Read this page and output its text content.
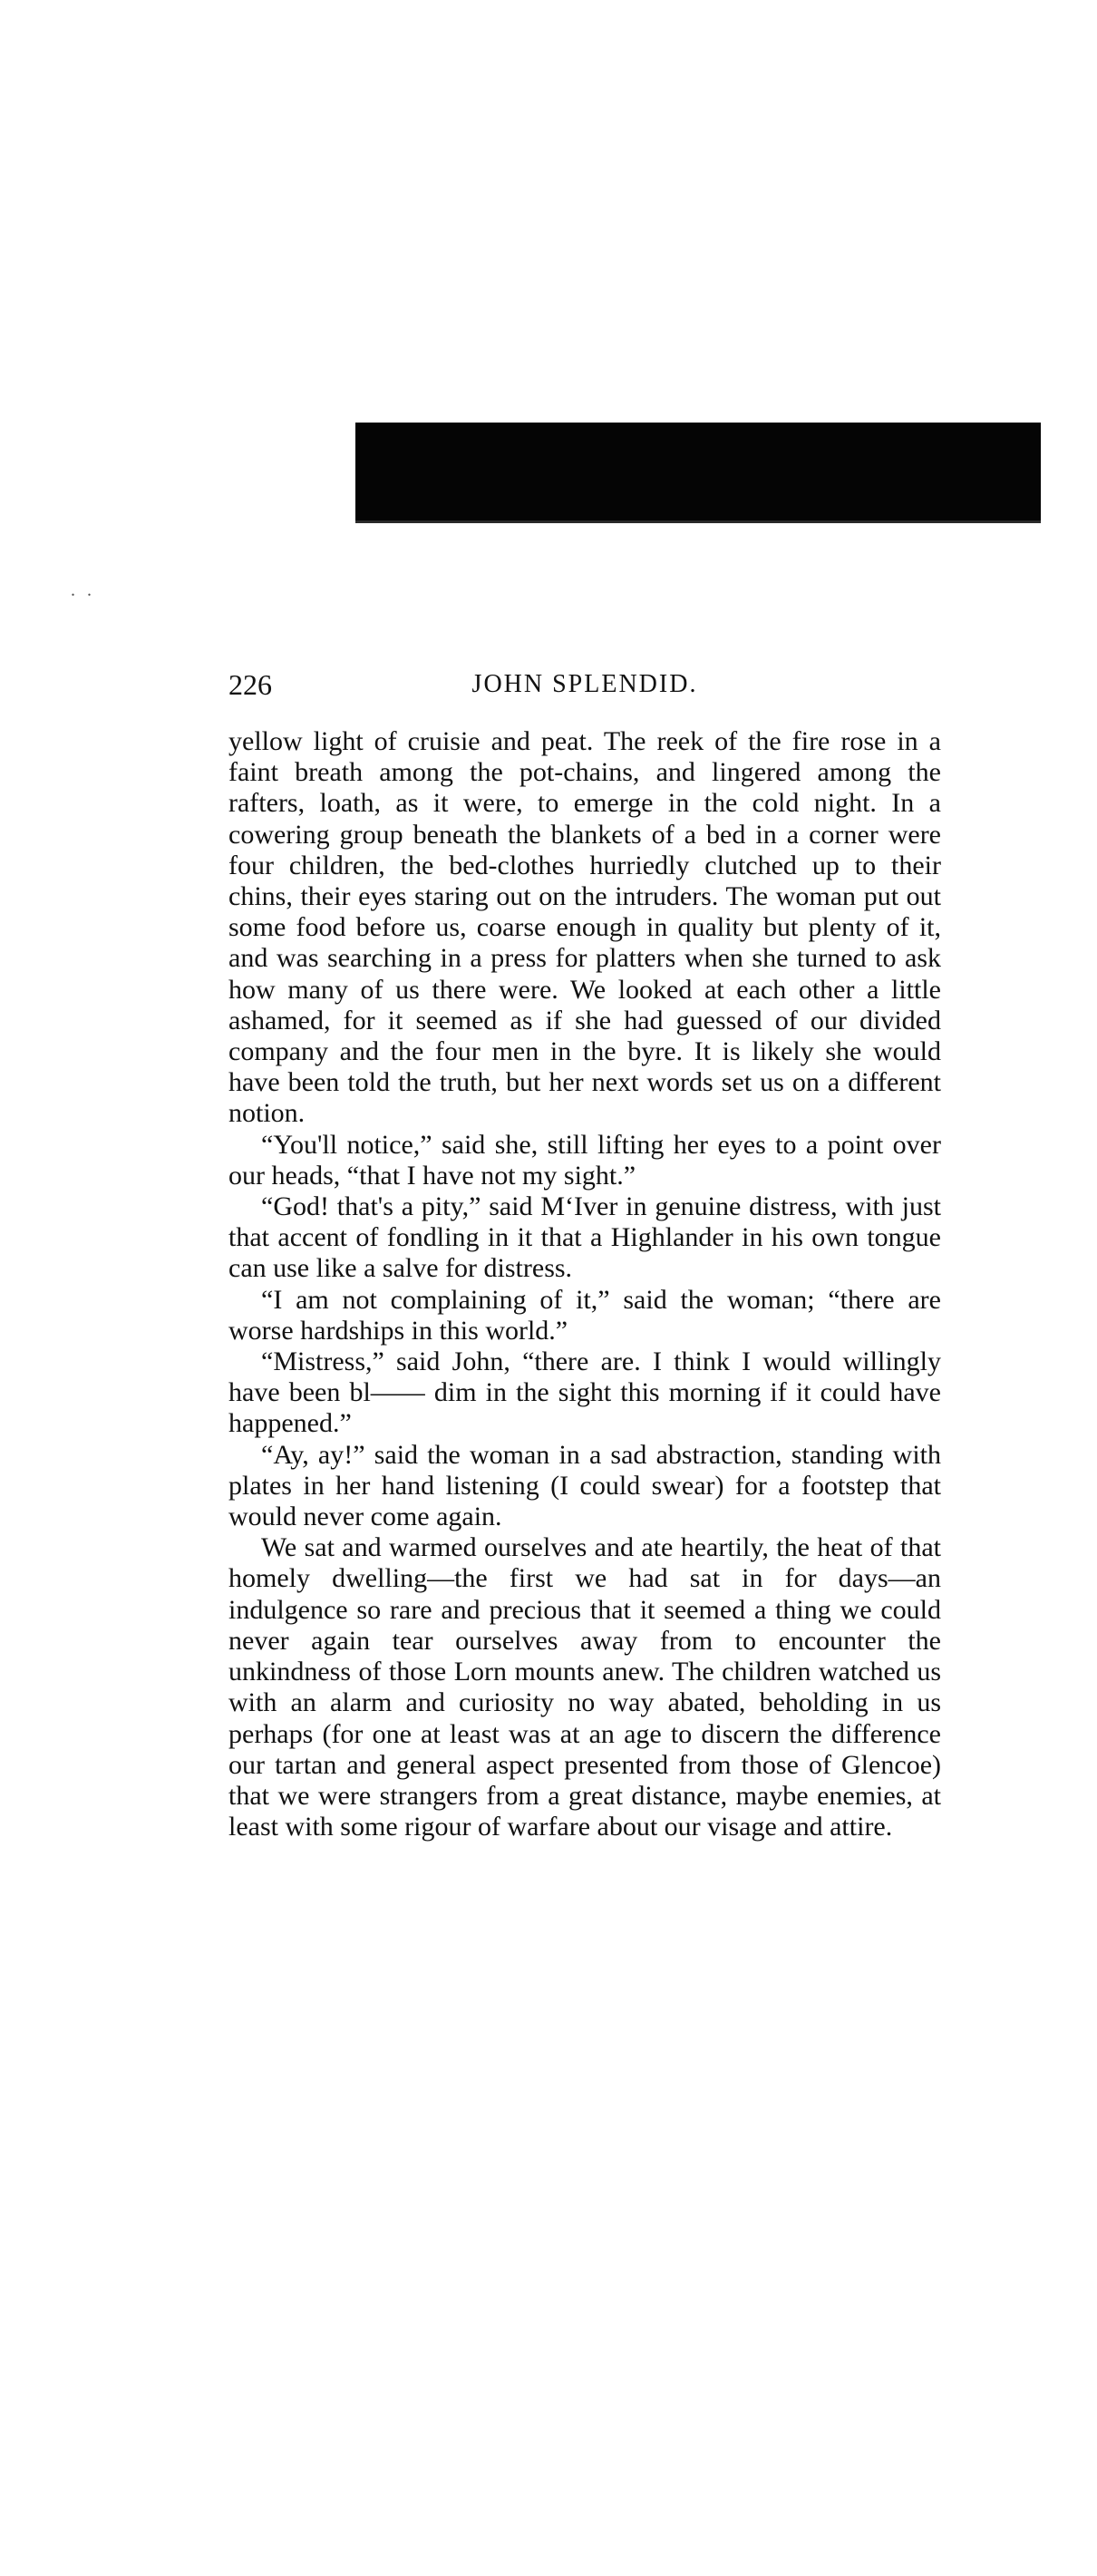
. .
226	JOHN SPLENDID.

yellow light of cruisie and peat. The reek of the fire rose in a faint breath among the pot-chains, and lingered among the rafters, loath, as it were, to emerge in the cold night. In a cowering group beneath the blankets of a bed in a corner were four children, the bed-clothes hurriedly clutched up to their chins, their eyes staring out on the intruders. The woman put out some food before us, coarse enough in quality but plenty of it, and was searching in a press for platters when she turned to ask how many of us there were. We looked at each other a little ashamed, for it seemed as if she had guessed of our divided company and the four men in the byre. It is likely she would have been told the truth, but her next words set us on a different notion.

“You'll notice,” said she, still lifting her eyes to a point over our heads, “that I have not my sight.”

“God! that's a pity,” said M‘Iver in genuine distress, with just that accent of fondling in it that a Highlander in his own tongue can use like a salve for distress.

“I am not complaining of it,” said the woman; “there are worse hardships in this world.”

“Mistress,” said John, “there are. I think I would willingly have been bl—— dim in the sight this morning if it could have happened.”

“Ay, ay!” said the woman in a sad abstraction, standing with plates in her hand listening (I could swear) for a footstep that would never come again.

We sat and warmed ourselves and ate heartily, the heat of that homely dwelling—the first we had sat in for days—an indulgence so rare and precious that it seemed a thing we could never again tear ourselves away from to encounter the unkindness of those Lorn mounts anew. The children watched us with an alarm and curiosity no way abated, beholding in us perhaps (for one at least was at an age to discern the difference our tartan and general aspect presented from those of Glencoe) that we were strangers from a great distance, maybe enemies, at least with some rigour of warfare about our visage and attire.
